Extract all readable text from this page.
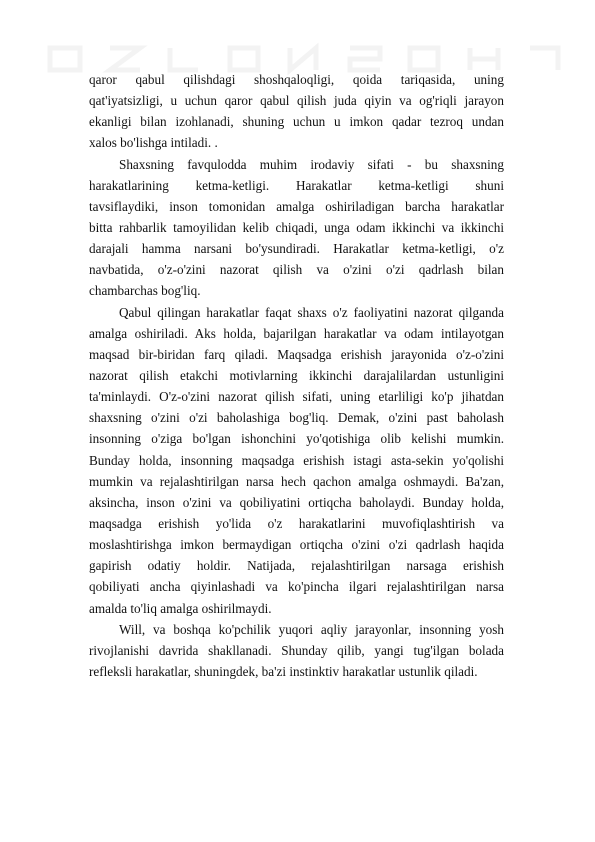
qaror qabul qilishdagi shoshqaloqligi, qoida tariqasida, uning
qat'iyatsizligi, u uchun qaror qabul qilish juda qiyin va og'riqli jarayon
ekanligi bilan izohlanadi, shuning uchun u imkon qadar tezroq undan
xalos bo'lishga intiladi. .
Shaxsning favqulodda muhim irodaviy sifati - bu shaxsning
harakatlarining ketma-ketligi. Harakatlar ketma-ketligi shuni
tavsiflaydiki, inson tomonidan amalga oshiriladigan barcha harakatlar
bitta rahbarlik tamoyilidan kelib chiqadi, unga odam ikkinchi va ikkinchi
darajali hamma narsani bo'ysundiradi. Harakatlar ketma-ketligi, o'z
navbatida, o'z-o'zini nazorat qilish va o'zini o'zi qadrlash bilan
chambarchas bog'liq.
Qabul qilingan harakatlar faqat shaxs o'z faoliyatini nazorat qilganda
amalga oshiriladi. Aks holda, bajarilgan harakatlar va odam intilayotgan
maqsad bir-biridan farq qiladi. Maqsadga erishish jarayonida o'z-o'zini
nazorat qilish etakchi motivlarning ikkinchi darajalilardan ustunligini
ta'minlaydi. O'z-o'zini nazorat qilish sifati, uning etarliligi ko'p jihatdan
shaxsning o'zini o'zi baholashiga bog'liq. Demak, o'zini past baholash
insonning o'ziga bo'lgan ishonchini yo'qotishiga olib kelishi mumkin.
Bunday holda, insonning maqsadga erishish istagi asta-sekin yo'qolishi
mumkin va rejalashtirilgan narsa hech qachon amalga oshmaydi. Ba'zan,
aksincha, inson o'zini va qobiliyatini ortiqcha baholaydi. Bunday holda,
maqsadga erishish yo'lida o'z harakatlarini muvofiqlashtirish va
moslashtirishga imkon bermaydigan ortiqcha o'zini o'zi qadrlash haqida
gapirish odatiy holdir. Natijada, rejalashtirilgan narsaga erishish
qobiliyati ancha qiyinlashadi va ko'pincha ilgari rejalashtirilgan narsa
amalda to'liq amalga oshirilmaydi.
Will, va boshqa ko'pchilik yuqori aqliy jarayonlar, insonning yosh
rivojlanishi davrida shakllanadi. Shunday qilib, yangi tug'ilgan bolada
refleksli harakatlar, shuningdek, ba'zi instinktiv harakatlar ustunlik qiladi.
